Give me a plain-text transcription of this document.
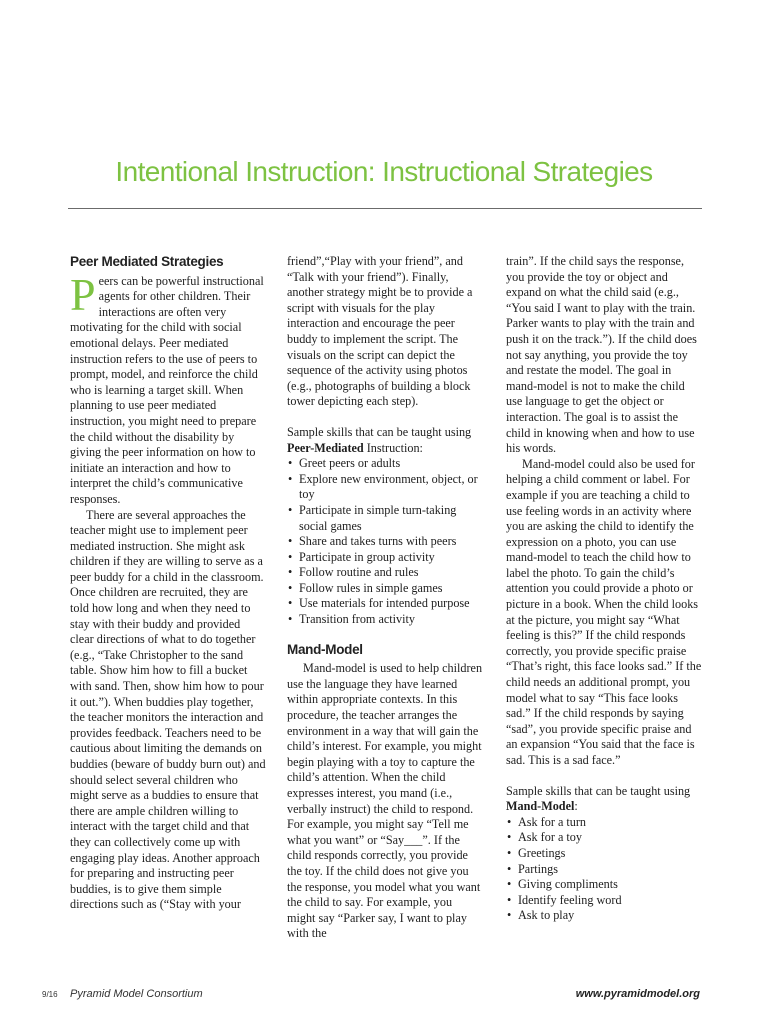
Intentional Instruction: Instructional Strategies
Peer Mediated Strategies

Peers can be powerful instructional agents for other children. Their interactions are often very motivating for the child with social emotional delays. Peer mediated instruction refers to the use of peers to prompt, model, and reinforce the child who is learning a target skill. When planning to use peer mediated instruction, you might need to prepare the child without the disability by giving the peer information on how to initiate an interaction and how to interpret the child’s communicative responses.

There are several approaches the teacher might use to implement peer mediated instruction. She might ask children if they are willing to serve as a peer buddy for a child in the classroom. Once children are recruited, they are told how long and when they need to stay with their buddy and provided clear directions of what to do together (e.g., “Take Christopher to the sand table. Show him how to fill a bucket with sand. Then, show him how to pour it out.”). When buddies play together, the teacher monitors the interaction and provides feedback. Teachers need to be cautious about limiting the demands on buddies (beware of buddy burn out) and should select several children who might serve as a buddies to ensure that there are ample children willing to interact with the target child and that they can collectively come up with engaging play ideas. Another approach for preparing and instructing peer buddies, is to give them simple directions such as (“Stay with your

friend”,“Play with your friend”, and “Talk with your friend”). Finally, another strategy might be to provide a script with visuals for the play interaction and encourage the peer buddy to implement the script. The visuals on the script can depict the sequence of the activity using photos (e.g., photographs of building a block tower depicting each step).

Sample skills that can be taught using
Peer-Mediated Instruction:

• Greet peers or adults
• Explore new environment, object, or toy
• Participate in simple turn-taking social games
• Share and takes turns with peers
• Participate in group activity
• Follow routine and rules
• Follow rules in simple games
• Use materials for intended purpose
• Transition from activity
Mand-Model

Mand-model is used to help children use the language they have learned within appropriate contexts. In this procedure, the teacher arranges the environment in a way that will gain the child’s interest. For example, you might begin playing with a toy to capture the child’s attention. When the child expresses interest, you mand (i.e., verbally instruct) the child to respond. For example, you might say “Tell me what you want” or “Say___”. If the child responds correctly, you provide the toy. If the child does not give you the response, you model what you want the child to say. For example, you might say “Parker say, I want to play with the

train”. If the child says the response, you provide the toy or object and expand on what the child said (e.g., “You said I want to play with the train. Parker wants to play with the train and push it on the track.”). If the child does not say anything, you provide the toy and restate the model. The goal in mand-model is not to make the child use language to get the object or interaction. The goal is to assist the child in knowing when and how to use his words.

Mand-model could also be used for helping a child comment or label. For example if you are teaching a child to use feeling words in an activity where you are asking the child to identify the expression on a photo, you can use mand-model to teach the child how to label the photo. To gain the child’s attention you could provide a photo or picture in a book. When the child looks at the picture, you might say “What feeling is this?” If the child responds correctly, you provide specific praise “That’s right, this face looks sad.” If the child needs an additional prompt, you model what to say “This face looks sad.” If the child responds by saying “sad”, you provide specific praise and an expansion “You said that the face is sad. This is a sad face.”

Sample skills that can be taught using
Mand-Model:

• Ask for a turn
• Ask for a toy
• Greetings
• Partings
• Giving compliments
• Identify feeling word
• Ask to play
9/16 Pyramid Model Consortium	www.pyramidmodel.org
